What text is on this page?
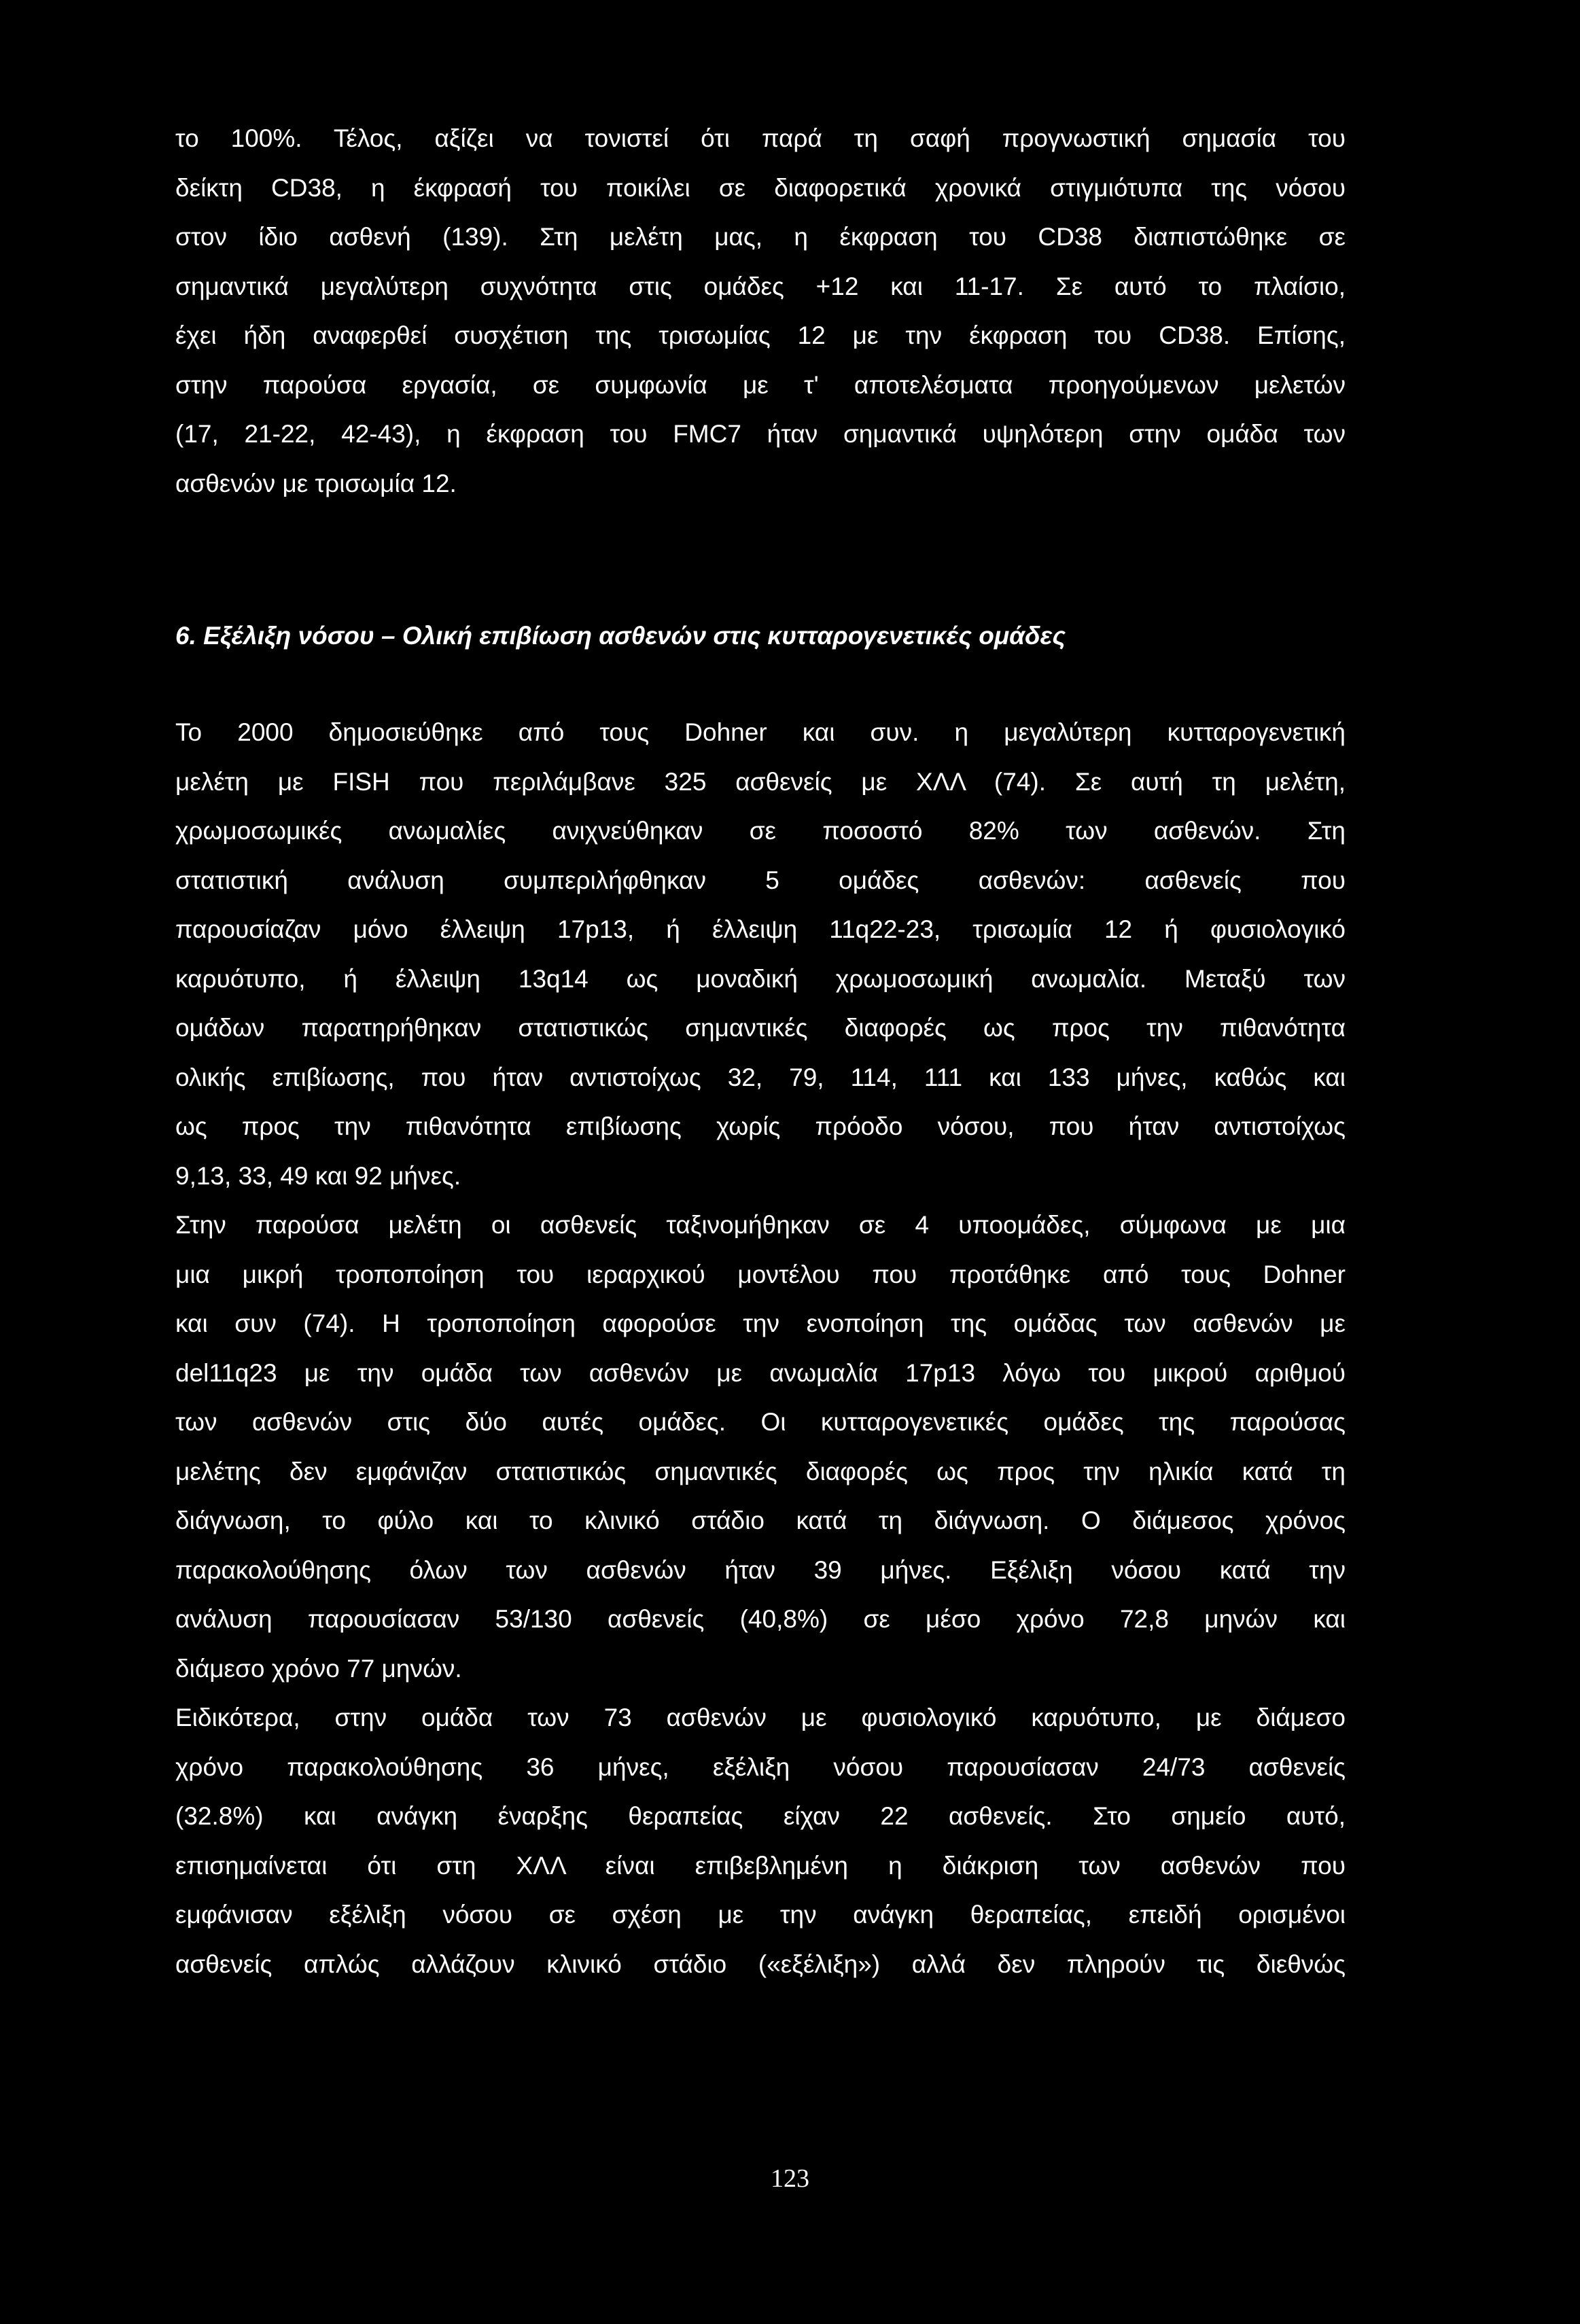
το 100%. Τέλος, αξίζει να τονιστεί ότι παρά τη σαφή προγνωστική σημασία του
δείκτη CD38, η έκφρασή του ποικίλει σε διαφορετικά χρονικά στιγμιότυπα της νόσου
στον ίδιο ασθενή (139). Στη μελέτη μας, η έκφραση του CD38 διαπιστώθηκε σε
σημαντικά μεγαλύτερη συχνότητα στις ομάδες +12 και 11-17. Σε αυτό το πλαίσιο,
έχει ήδη αναφερθεί συσχέτιση της τρισωμίας 12 με την έκφραση του CD38. Επίσης,
στην παρούσα εργασία, σε συμφωνία με τ' αποτελέσματα προηγούμενων μελετών
(17, 21-22, 42-43), η έκφραση του FMC7 ήταν σημαντικά υψηλότερη στην ομάδα των
ασθενών με τρισωμία 12.

6. Εξέλιξη νόσου – Ολική επιβίωση ασθενών στις κυτταρογενετικές ομάδες

Το 2000 δημοσιεύθηκε από τους Dohner και συν. η μεγαλύτερη κυτταρογενετική
μελέτη με FISH που περιλάμβανε 325 ασθενείς με ΧΛΛ (74). Σε αυτή τη μελέτη,
χρωμοσωμικές ανωμαλίες ανιχνεύθηκαν σε ποσοστό 82% των ασθενών. Στη
στατιστική ανάλυση συμπεριλήφθηκαν 5 ομάδες ασθενών: ασθενείς που
παρουσίαζαν μόνο έλλειψη 17p13, ή έλλειψη 11q22-23, τρισωμία 12 ή φυσιολογικό
καρυότυπο, ή έλλειψη 13q14 ως μοναδική χρωμοσωμική ανωμαλία. Μεταξύ των
ομάδων παρατηρήθηκαν στατιστικώς σημαντικές διαφορές ως προς την πιθανότητα
ολικής επιβίωσης, που ήταν αντιστοίχως 32, 79, 114, 111 και 133 μήνες, καθώς και
ως προς την πιθανότητα επιβίωσης χωρίς πρόοδο νόσου, που ήταν αντιστοίχως
9,13, 33, 49 και 92 μήνες.

Στην παρούσα μελέτη οι ασθενείς ταξινομήθηκαν σε 4 υποομάδες, σύμφωνα με μια
μια μικρή τροποποίηση του ιεραρχικού μοντέλου που προτάθηκε από τους Dohner
και συν (74). Η τροποποίηση αφορούσε την ενοποίηση της ομάδας των ασθενών με
del11q23 με την ομάδα των ασθενών με ανωμαλία 17p13 λόγω του μικρού αριθμού
των ασθενών στις δύο αυτές ομάδες. Οι κυτταρογενετικές ομάδες της παρούσας
μελέτης δεν εμφάνιζαν στατιστικώς σημαντικές διαφορές ως προς την ηλικία κατά τη
διάγνωση, το φύλο και το κλινικό στάδιο κατά τη διάγνωση. Ο διάμεσος χρόνος
παρακολούθησης όλων των ασθενών ήταν 39 μήνες. Εξέλιξη νόσου κατά την
ανάλυση παρουσίασαν 53/130 ασθενείς (40,8%) σε μέσο χρόνο 72,8 μηνών και
διάμεσο χρόνο 77 μηνών.

Ειδικότερα, στην ομάδα των 73 ασθενών με φυσιολογικό καρυότυπο, με διάμεσο
χρόνο παρακολούθησης 36 μήνες, εξέλιξη νόσου παρουσίασαν 24/73 ασθενείς
(32.8%) και ανάγκη έναρξης θεραπείας είχαν 22 ασθενείς. Στο σημείο αυτό,
επισημαίνεται ότι στη ΧΛΛ είναι επιβεβλημένη η διάκριση των ασθενών που
εμφάνισαν εξέλιξη νόσου σε σχέση με την ανάγκη θεραπείας, επειδή ορισμένοι
ασθενείς απλώς αλλάζουν κλινικό στάδιο («εξέλιξη») αλλά δεν πληρούν τις διεθνώς

123
